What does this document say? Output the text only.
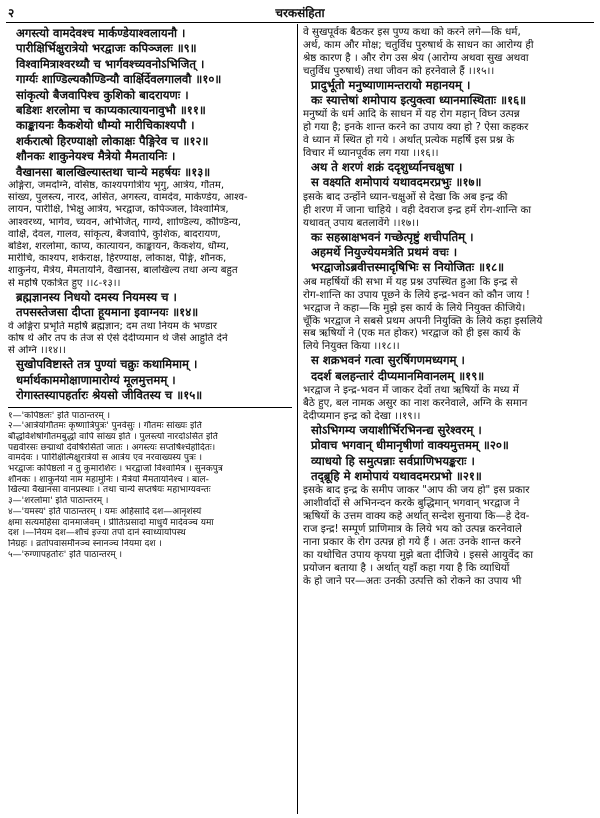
२	चरकसंहिता
अगस्त्यो वामदेवश्च मार्कण्डेयाश्वलायनौ ।
पारीक्षिर्भिक्षुरात्रेयो भरद्वाजः कपिञ्जलः ॥९॥
विश्वामित्राश्वरथ्यौ च भार्गवश्च्यवनोऽभिजित् ।
गार्ग्यः शाण्डिल्यकौण्डिन्यौ वार्क्षिर्देवलगालवौ ॥१०॥
सांकृत्यो बैजवापिश्च कुशिको बादरायणः ।
बडिशः शरलोमा च काप्यकात्यायनावुभौ ॥११॥
काङ्कायनः कैकशेयो धौम्यो मारीचिकाश्यपौ ।
शर्करात्षो हिरण्याक्षो लोकाक्षः पैङ्गिरेव च ॥१२॥
शौनकः शाकुनेयश्च मैत्रेयो मैमतायनिः ।
वैखानसा बालखिल्यास्तथा चान्ये महर्षयः ॥१३॥
अङ्गिरा, जमदग्नि, वसिष्ठ, काश्यपगोत्रीय भृगु, आत्रेय, गौतम,
सांख्य, पुलस्त्य, नारद, असित, अगस्त्य, वामदेव, मार्कण्डेय, आश्व-
लायन, पारीक्षि, भिक्षु आत्रेय, भरद्वाज, कपिञ्जल, विश्वामित्र,
आश्वरथ्य, भार्गव, च्यवन, अभिजित्, गार्ग्य, शाण्डिल्य, कौण्डिन्य,
वार्क्षि, देवल, गालव, सांकृत्य, बैजवापि, कुशिक, बादरायण,
बडिश, शरलोमा, काप्य, कात्यायन, काङ्कायन, कैकशेय, धौम्य,
मारीचि, काश्यप, शर्कराक्ष, हिरण्याक्ष, लोकाक्ष, पैङ्गि, शौनक,
शाकुनेय, मैत्रेय, मैमतायनि, वैखानस, बालखिल्य तथा अन्य बहुत
से महर्षि एकत्रित हुए ।।८-१३।।
ब्रह्मज्ञानस्य निधयो दमस्य नियमस्य च ।
तपसस्तेजसा दीप्ता हूयमाना इवाग्नयः ॥१४॥
वे अङ्गिरा प्रभृति महर्षि ब्रह्मज्ञान; दम तथा नियम के भण्डार
कोष थे और तप के तेज से ऐसे देदीप्यमान थे जैसे आहुति देने
से अग्नि ।।१४।।
सुखोपविष्टास्ते तत्र पुण्यां चक्रुः कथामिमाम् ।
धर्मार्थकाममोक्षाणामारोग्यं मूलमुत्तमम् ।
रोगास्तस्यापहर्तारः श्रेयसो जीवितस्य च ॥१५॥
१—'कपिष्ठलः' इति पाठान्तरम् ।
२—'आत्रेयोगौतमः कृष्णात्रिपुत्रः' पुनर्वसुः । गौतमः सांख्यः इति
बौद्धविशेषोगौतमबुद्धो वापि सांख्य इति । पुलस्त्यो नारदोऽसित इति
पद्यवीरसः छद्मार्था देवर्षिरसितो जातः । अगस्त्यः सप्तर्षिश्चेहोदितः।
वामदेवः । पारिक्षित्मिक्षुरात्रेयो स आत्रेय एव नरवाख्यस्य पुत्रः ।
भरद्वाजः कपिष्ठलो न तु कुमारशिरः । भरद्वाजो विश्वामित्र । सुनकपुत्र
शौनकः । शाकुनेयो नाम महामुनिः । मैत्रेयो मैमतायनिश्च । बाल-
खिल्या वैखानसा वानप्रस्थाः । तथा चान्ये सप्तर्षयः महाभाग्यवन्तः
३—'शरलोमा' इति पाठान्तरम् ।
४—'यमस्य' इति पाठान्तरम् । यमः अहिंसादि दश—आनृशंस्यं
क्षमा सत्यमहिंसा दानमार्जवम् । प्रीतिःप्रसादो माधुर्यं मार्दवञ्च यमा
दश ।—नियम दश—शौचं इज्या तपो दानं स्वाध्यायोपस्थ
निग्रहः । व्रतोपवासमौनञ्च स्नानञ्च नियमा दश ।
५—'रुग्णापहर्तारः' इति पाठान्तरम् ।
वे सुखपूर्वक बैठकर इस पुण्य कथा को करने लगे—कि धर्म,
अर्थ, काम और मोक्ष; चतुर्विध पुरुषार्थ के साधन का आरोग्य ही
श्रेष्ठ कारण है । और रोग उस श्रेय (आरोग्य अथवा सुख अथवा
चतुर्विध पुरुषार्थ) तथा जीवन को हरनेवाले हैं ।।१५।।
प्रादुर्भूतो मनुष्याणामन्तरायो महानयम् ।
कः स्यात्तेषां शमोपाय इत्युक्त्वा ध्यानमास्थिताः ॥१६॥
मनुष्यों के धर्म आदि के साधन में यह रोग महान् विघ्न उत्पन्न
हो गया है; इनके शान्त करने का उपाय क्या हो ? ऐसा कहकर
वे ध्यान में स्थित हो गये । अर्थात् प्रत्येक महर्षि इस प्रश्न के
विचार में ध्यानपूर्वक लग गया ।।१६।।
अथ ते शरणं शक्रं ददृशुर्ध्यानचक्षुषा ।
स वक्ष्यति शमोपायं यथावदमरप्रभुः ॥१७॥
इसके बाद उन्होंने ध्यान-चक्षुओं से देखा कि अब इन्द्र की
ही शरण में जाना चाहिये । वही देवराज इन्द्र हमें रोग-शान्ति का
यथावत् उपाय बतलावेंगे ।।१७।।
कः सहस्राक्षभवनं गच्छेत्पृष्टुं शचीपतिम् ।
अहमर्थे नियुज्येयमत्रेति प्रथमं वचः ।
भरद्वाजोऽब्रवीत्तस्मादृषिभिः स नियोजितः ॥१८॥
अब महर्षियों की सभा में यह प्रश्न उपस्थित हुआ कि इन्द्र से
रोग-शान्ति का उपाय पूछने के लिये इन्द्र-भवन को कौन जाय !
भरद्वाज ने कहा—कि मुझे इस कार्य के लिये नियुक्त कीजिये।
चूँकि भरद्वाज ने सबसे प्रथम अपनी नियुक्ति के लिये कहा इसलिये
सब ऋषियों ने (एक मत होकर) भरद्वाज को ही इस कार्य के
लिये नियुक्त किया ।।१८।।
स शक्रभवनं गत्वा सुरर्षिगणमध्यगम् ।
ददर्श बलहन्तारं दीप्यमानमिवानलम् ॥१९॥
भरद्वाज ने इन्द्र-भवन में जाकर देवों तथा ऋषियों के मध्य में
बैठे हुए, बल नामक असुर का नाश करनेवाले, अग्नि के समान
देदीप्यमान इन्द्र को देखा ।।१९।।
सोऽभिगम्य जयाशीर्भिरभिनन्द्य सुरेश्वरम् ।
प्रोवाच भगवान् धीमानृषीणां वाक्यमुत्तमम् ॥२०॥
व्याधयो हि समुत्पन्नाः सर्वप्राणिभयङ्कराः ।
तद्ब्रूहि मे शमोपायं यथावदमरप्रभो ॥२१॥
इसके बाद इन्द्र के समीप जाकर "आप की जय हो" इस प्रकार
आशीर्वादों से अभिनन्दन करके बुद्धिमान् भगवान् भरद्वाज ने
ऋषियों के उत्तम वाक्य कहे अर्थात् सन्देश सुनाया कि—हे देव-
राज इन्द्र! सम्पूर्ण प्राणिमात्र के लिये भय को उत्पन्न करनेवाले
नाना प्रकार के रोग उत्पन्न हो गये हैं । अतः उनके शान्त करने
का यथोचित उपाय कृपया मुझे बता दीजिये । इससे आयुर्वेद का
प्रयोजन बताया है । अर्थात् यहाँ कहा गया है कि व्याधियों
के हो जाने पर—अतः उनकी उत्पत्ति को रोकने का उपाय भी
